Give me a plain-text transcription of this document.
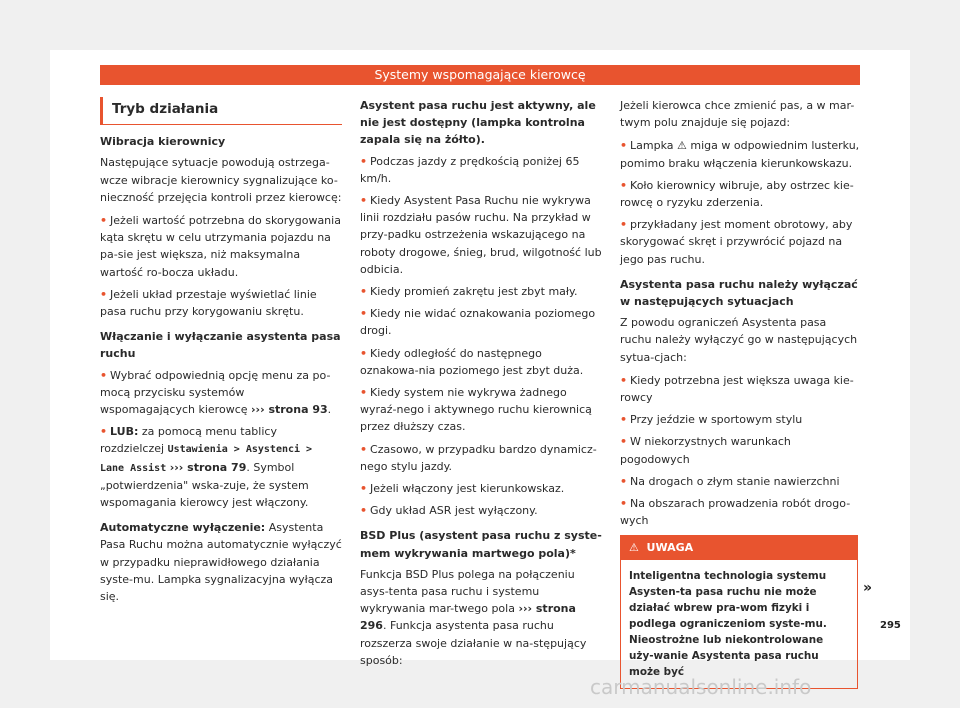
Systemy wspomagające kierowcę
Tryb działania

Wibracja kierownicy

Następujące sytuacje powodują ostrzega-wcze wibracje kierownicy sygnalizujące ko-nieczność przejęcia kontroli przez kierowcę:

• Jeżeli wartość potrzebna do skorygowania kąta skrętu w celu utrzymania pojazdu na pa-sie jest większa, niż maksymalna wartość ro-bocza układu.

• Jeżeli układ przestaje wyświetlać linie pasa ruchu przy korygowaniu skrętu.

Włączanie i wyłączanie asystenta pasa ruchu

• Wybrać odpowiednią opcję menu za po-mocą przycisku systemów wspomagających kierowcę ››› strona 93.

• LUB: za pomocą menu tablicy rozdzielczej Ustawienia > Asystenci > Lane Assist ››› strona 79. Symbol „potwierdzenia" wska-zuje, że system wspomagania kierowcy jest włączony.

Automatyczne wyłączenie: Asystenta Pasa Ruchu można automatycznie wyłączyć w przypadku nieprawidłowego działania syste-mu. Lampka sygnalizacyjna wyłącza się.

Asystent pasa ruchu jest aktywny, ale nie jest dostępny (lampka kontrolna zapala się na żółto).

• Podczas jazdy z prędkością poniżej 65 km/h.

• Kiedy Asystent Pasa Ruchu nie wykrywa linii rozdziału pasów ruchu. Na przykład w przy-padku ostrzeżenia wskazującego na roboty drogowe, śnieg, brud, wilgotność lub odbicia.

• Kiedy promień zakrętu jest zbyt mały.

• Kiedy nie widać oznakowania poziomego drogi.

• Kiedy odległość do następnego oznakowa-nia poziomego jest zbyt duża.

• Kiedy system nie wykrywa żadnego wyraź-nego i aktywnego ruchu kierownicą przez dłuższy czas.

• Czasowo, w przypadku bardzo dynamicz-nego stylu jazdy.

• Jeżeli włączony jest kierunkowskaz.

• Gdy układ ASR jest wyłączony.

BSD Plus (asystent pasa ruchu z syste-mem wykrywania martwego pola)*

Funkcja BSD Plus polega na połączeniu asys-tenta pasa ruchu i systemu wykrywania mar-twego pola ››› strona 296. Funkcja asystenta pasa ruchu rozszerza swoje działanie w na-stępujący sposób:

Jeżeli kierowca chce zmienić pas, a w mar-twym polu znajduje się pojazd:

• Lampka ⚠ miga w odpowiednim lusterku, pomimo braku włączenia kierunkowskazu.

• Koło kierownicy wibruje, aby ostrzec kie-rowcę o ryzyku zderzenia.

• przykładany jest moment obrotowy, aby skorygować skręt i przywrócić pojazd na jego pas ruchu.

Asystenta pasa ruchu należy wyłączać w następujących sytuacjach

Z powodu ograniczeń Asystenta pasa ruchu należy wyłączyć go w następujących sytua-cjach:

• Kiedy potrzebna jest większa uwaga kie-rowcy

• Przy jeździe w sportowym stylu

• W niekorzystnych warunkach pogodowych

• Na drogach o złym stanie nawierzchni

• Na obszarach prowadzenia robót drogo-wych

⚠ UWAGA
Inteligentna technologia systemu Asysten-ta pasa ruchu nie może działać wbrew pra-wom fizyki i podlega ograniczeniom syste-mu. Nieostrożne lub niekontrolowane uży-wanie Asystenta pasa ruchu może być
»
295
carmanualsonline.info
